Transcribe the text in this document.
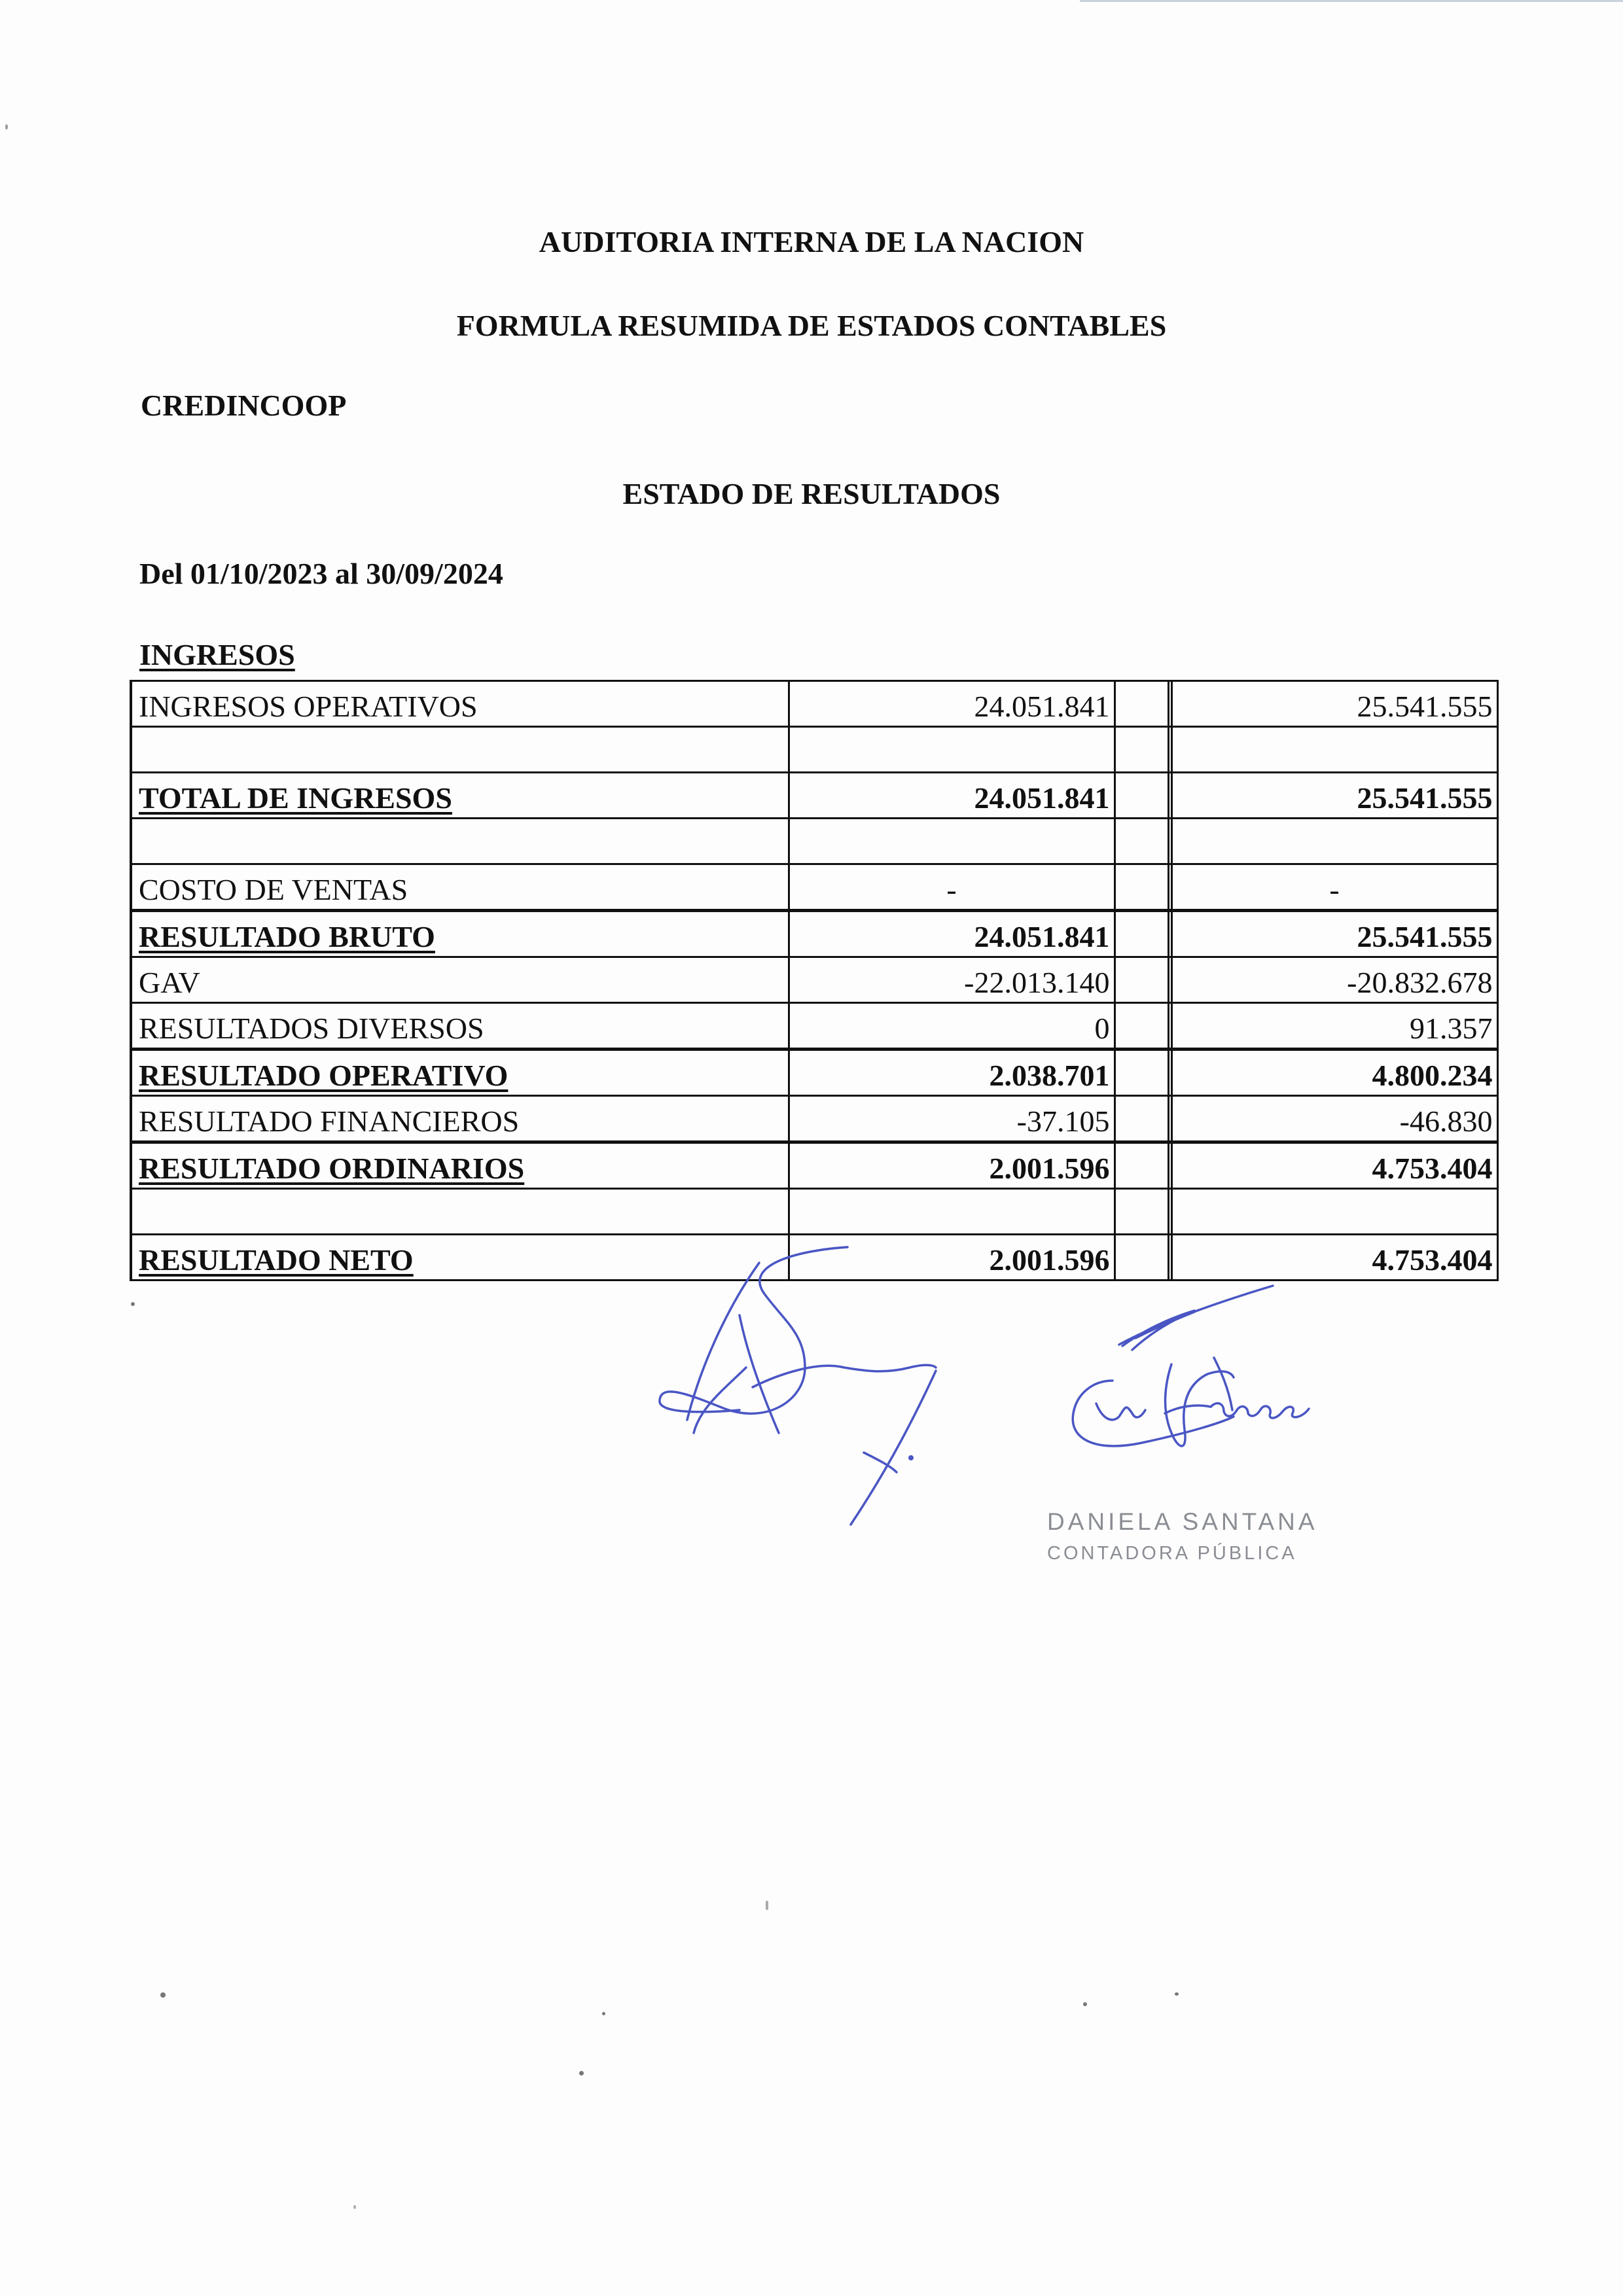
AUDITORIA INTERNA DE LA NACION
FORMULA RESUMIDA DE ESTADOS CONTABLES
CREDINCOOP
ESTADO DE RESULTADOS
Del 01/10/2023 al 30/09/2024
INGRESOS
INGRESOS OPERATIVOS	24.051.841			25.541.555

TOTAL DE INGRESOS	24.051.841			25.541.555

COSTO DE VENTAS	-			-
RESULTADO BRUTO	24.051.841			25.541.555
GAV	-22.013.140			-20.832.678
RESULTADOS DIVERSOS	0			91.357
RESULTADO OPERATIVO	2.038.701			4.800.234
RESULTADO FINANCIEROS	-37.105			-46.830
RESULTADO ORDINARIOS	2.001.596			4.753.404

RESULTADO NETO	2.001.596			4.753.404
DANIELA SANTANA
CONTADORA PÚBLICA
